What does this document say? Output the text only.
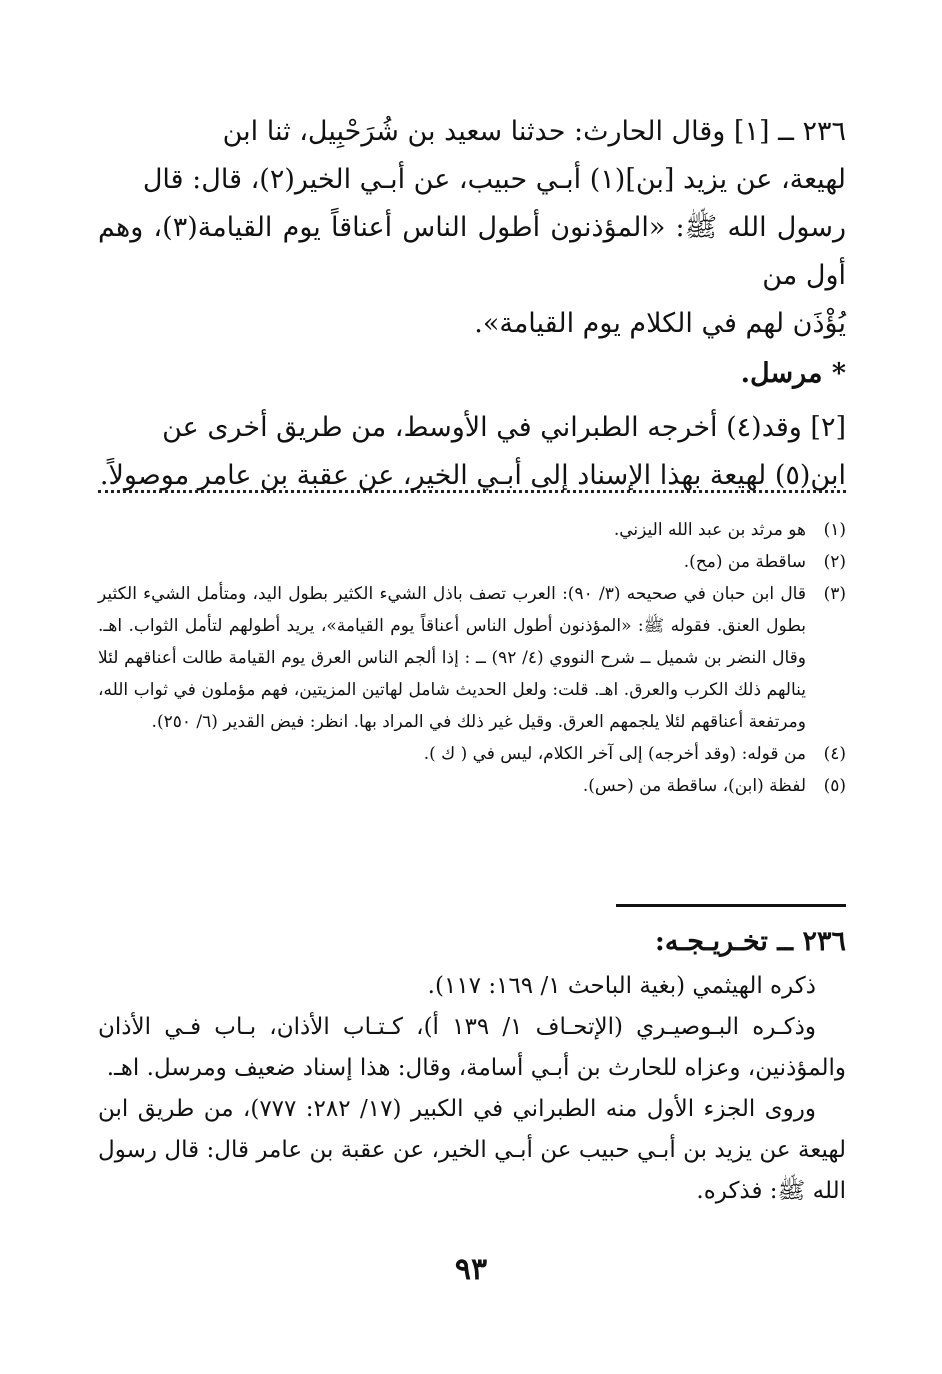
٢٣٦ ــ [١] وقال الحارث: حدثنا سعيد بن شُرَحْبِيل، ثنا ابن

لهيعة، عن يزيد [بن](١) أبـي حبيب، عن أبـي الخير(٢)، قال: قال

رسول الله ﷺ: «المؤذنون أطول الناس أعناقاً يوم القيامة(٣)، وهم أول من

يُؤْذَن لهم في الكلام يوم القيامة».

* مرسل.

[٢] وقد(٤) أخرجه الطبراني في الأوسط، من طريق أخرى عن

ابن(٥) لهيعة بهذا الإسناد إلى أبـي الخير، عن عقبة بن عامر موصولاً.

(١)
هو مرثد بن عبد الله اليزني.
(٢)
ساقطة من (مح).
(٣)
قال ابن حبان في صحيحه (٣/ ٩٠): العرب تصف باذل الشيء الكثير بطول اليد، ومتأمل الشيء الكثير بطول العنق. فقوله ﷺ: «المؤذنون أطول الناس أعناقاً يوم القيامة»، يريد أطولهم لتأمل الثواب. اهـ. وقال النضر بن شميل ــ شرح النووي (٤/ ٩٢) ــ : إذا ألجم الناس العرق يوم القيامة طالت أعناقهم لئلا ينالهم ذلك الكرب والعرق. اهـ. قلت: ولعل الحديث شامل لهاتين المزيتين، فهم مؤملون في ثواب الله، ومرتفعة أعناقهم لئلا يلجمهم العرق. وقيل غير ذلك في المراد بها. انظر: فيض القدير (٦/ ٢٥٠).
(٤)
من قوله: (وقد أخرجه) إلى آخر الكلام، ليس في ( ك ).
(٥)
لفظة (ابن)، ساقطة من (حس).

٢٣٦ ــ تخـريـجـه:

ذكره الهيثمي (بغية الباحث ١/ ١٦٩: ١١٧).

وذكـره البـوصيـري (الإتحـاف ١/ ١٣٩ أ)، كـتـاب الأذان، بـاب فـي الأذان والمؤذنين، وعزاه للحارث بن أبـي أسامة، وقال: هذا إسناد ضعيف ومرسل. اهـ.

وروى الجزء الأول منه الطبراني في الكبير (١٧/ ٢٨٢: ٧٧٧)، من طريق ابن لهيعة عن يزيد بن أبـي حبيب عن أبـي الخير، عن عقبة بن عامر قال: قال رسول الله ﷺ: فذكره.

٩٣
